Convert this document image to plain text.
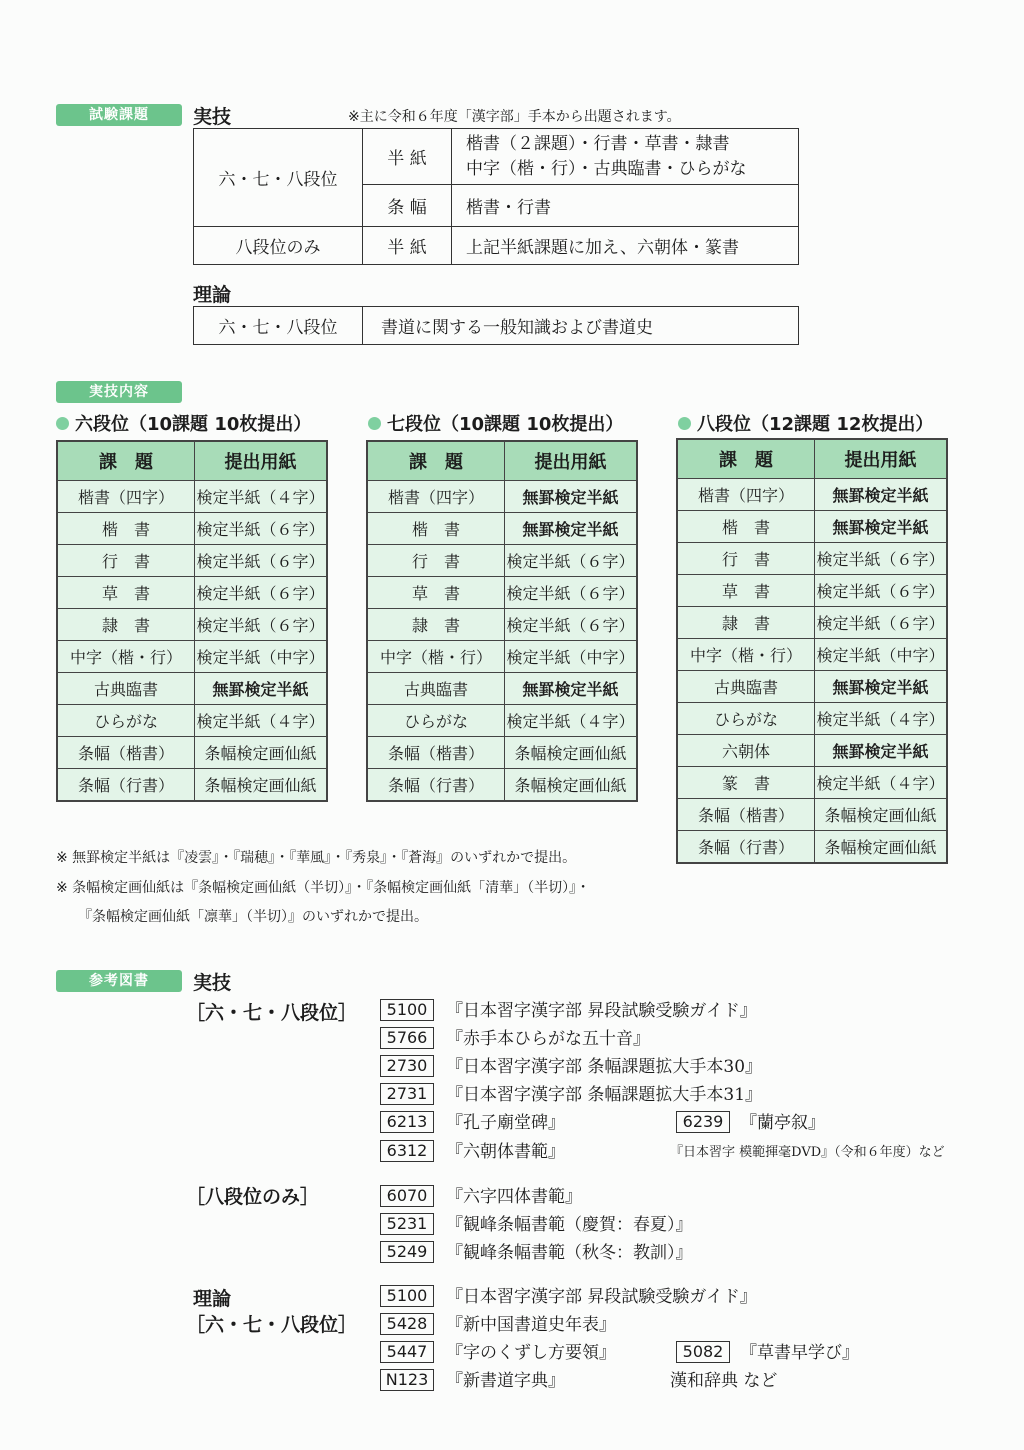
試験課題	実技	※主に令和６年度「漢字部」手本から出題されます。
六・七・八段位	半 紙	楷書（２課題）・行書・草書・隷書
中字（楷・行）・古典臨書・ひらがな

	条 幅	楷書・行書
八段位のみ	半 紙	上記半紙課題に加え、六朝体・篆書
理論
六・七・八段位	書道に関する一般知識および書道史
実技内容
六段位（10課題 10枚提出）	七段位（10課題 10枚提出）	八段位（12課題 12枚提出）
課　題	提出用紙
楷書（四字）	検定半紙（４字）
楷　書	検定半紙（６字）
行　書	検定半紙（６字）
草　書	検定半紙（６字）
隷　書	検定半紙（６字）
中字（楷・行）	検定半紙（中字）
古典臨書	無罫検定半紙
ひらがな	検定半紙（４字）
条幅（楷書）	条幅検定画仙紙
条幅（行書）	条幅検定画仙紙
課　題	提出用紙
楷書（四字）	無罫検定半紙
楷　書	無罫検定半紙
行　書	検定半紙（６字）
草　書	検定半紙（６字）
隷　書	検定半紙（６字）
中字（楷・行）	検定半紙（中字）
古典臨書	無罫検定半紙
ひらがな	検定半紙（４字）
条幅（楷書）	条幅検定画仙紙
条幅（行書）	条幅検定画仙紙
課　題	提出用紙
楷書（四字）	無罫検定半紙
楷　書	無罫検定半紙
行　書	検定半紙（６字）
草　書	検定半紙（６字）
隷　書	検定半紙（６字）
中字（楷・行）	検定半紙（中字）
古典臨書	無罫検定半紙
ひらがな	検定半紙（４字）
六朝体	無罫検定半紙
篆　書	検定半紙（４字）
条幅（楷書）	条幅検定画仙紙
条幅（行書）	条幅検定画仙紙
※ 無罫検定半紙は『凌雲』・『瑞穂』・『華風』・『秀泉』・『蒼海』のいずれかで提出。
※ 条幅検定画仙紙は『条幅検定画仙紙（半切）』・『条幅検定画仙紙「清華」（半切）』・
『条幅検定画仙紙「凛華」（半切）』のいずれかで提出。
参考図書	実技
［六・七・八段位］	5100	『日本習字漢字部 昇段試験受験ガイド』
5766	『赤手本ひらがな五十音』
2730	『日本習字漢字部 条幅課題拡大手本30』
2731	『日本習字漢字部 条幅課題拡大手本31』
6213	『孔子廟堂碑』	6239 『蘭亭叙』
6312	『六朝体書範』	『日本習字 模範揮毫DVD』（令和６年度）など
［八段位のみ］	6070	『六字四体書範』
5231	『観峰条幅書範（慶賀：春夏）』
5249	『観峰条幅書範（秋冬：教訓）』
理論
［六・七・八段位］
5100	『日本習字漢字部 昇段試験受験ガイド』
5428	『新中国書道史年表』
5447	『字のくずし方要領』	5082 『草書早学び』
N123	『新書道字典』	漢和辞典 など
